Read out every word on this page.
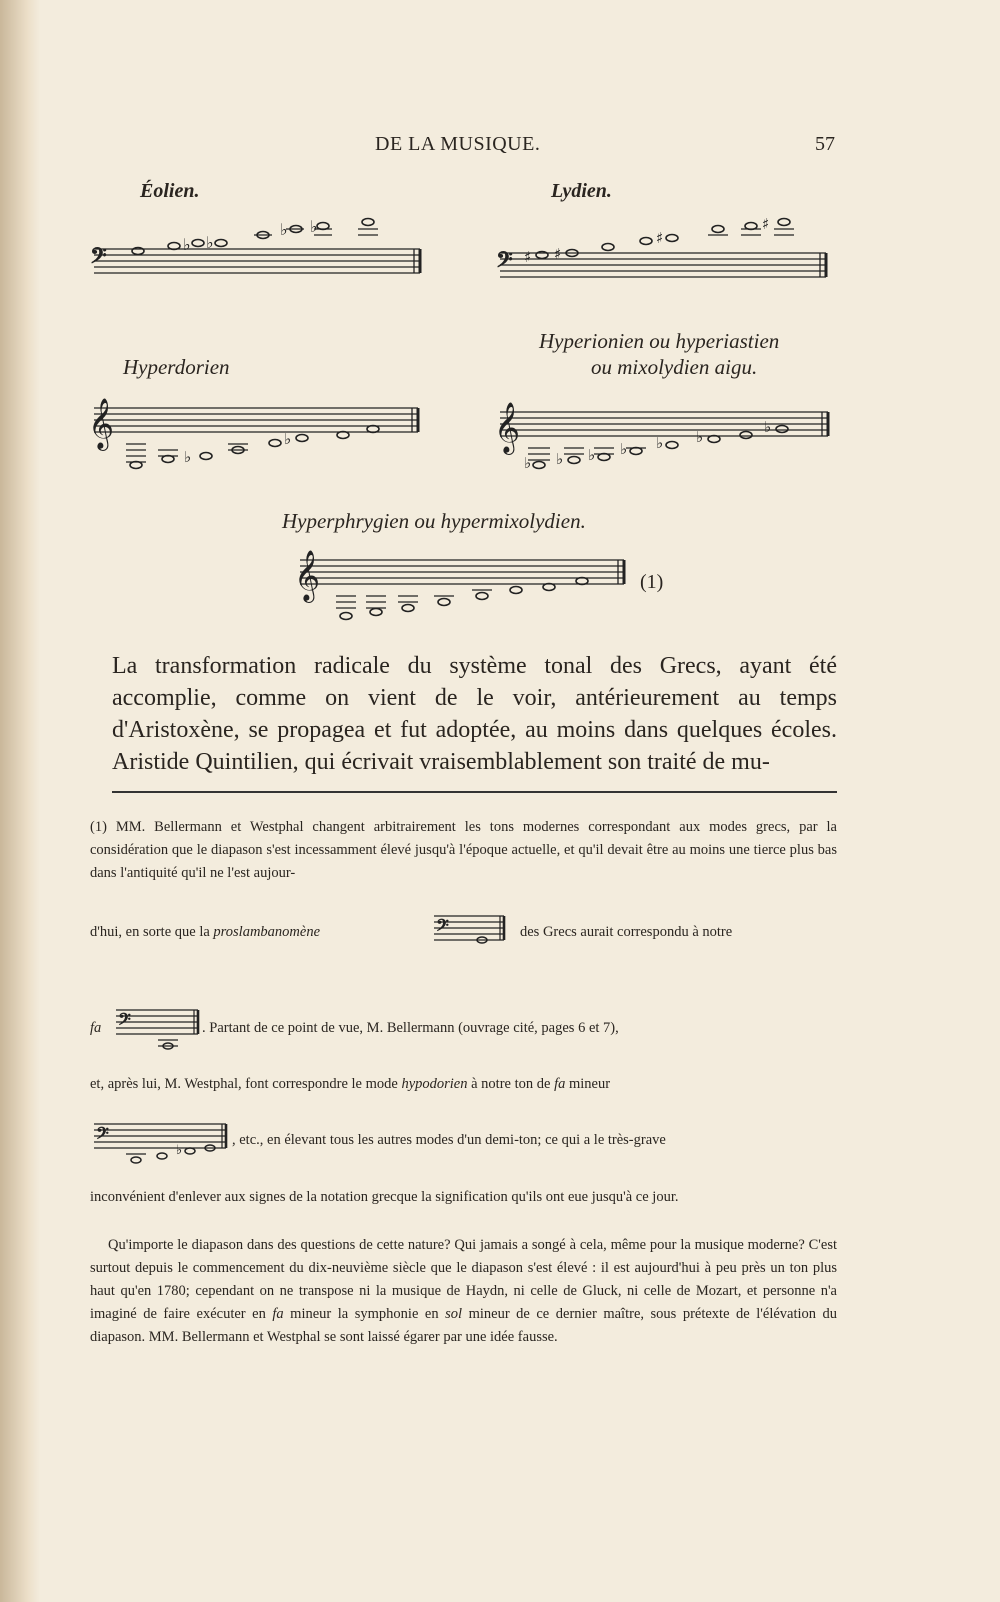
DE LA MUSIQUE.	57
Éolien.
𝄢	♭ ♭
♭ ♭
Lydien.
𝄢 ♯ ♯
♯
♯
Hyperdorien
𝄞
♭
♭
Hyperionien ou hyperiastien
ou mixolydien aigu.
𝄞
♭ ♭ ♭ ♭ ♭ ♭
♭
Hyperphrygien ou hypermixolydien.
𝄞	(1)

La transformation radicale du système tonal des Grecs, ayant été accomplie, comme on vient de le voir, antérieurement au temps d'Aristoxène, se propagea et fut adoptée, au moins dans quelques écoles. Aristide Quintilien, qui écrivait vraisemblablement son traité de mu-

(1) MM. Bellermann et Westphal changent arbitrairement les tons modernes correspondant aux modes grecs, par la considération que le diapason s'est incessamment élevé jusqu'à l'époque actuelle, et qu'il devait être au moins une tierce plus bas dans l'antiquité qu'il ne l'est aujour-

d'hui, en sorte que la proslambanomène	𝄢	des Grecs aurait correspondu à notre
fa 𝄢	. Partant de ce point de vue, M. Bellermann (ouvrage cité, pages 6 et 7),
et, après lui, M. Westphal, font correspondre le mode hypodorien à notre ton de fa mineur
𝄢
♭
, etc., en élevant tous les autres modes d'un demi-ton; ce qui a le très-grave

inconvénient d'enlever aux signes de la notation grecque la signification qu'ils ont eue jusqu'à ce jour.

Qu'importe le diapason dans des questions de cette nature? Qui jamais a songé à cela, même pour la musique moderne? C'est surtout depuis le commencement du dix-neuvième siècle que le diapason s'est élevé : il est aujourd'hui à peu près un ton plus haut qu'en 1780; cependant on ne transpose ni la musique de Haydn, ni celle de Gluck, ni celle de Mozart, et personne n'a imaginé de faire exécuter en fa mineur la symphonie en sol mineur de ce dernier maître, sous prétexte de l'élévation du diapason. MM. Bellermann et Westphal se sont laissé égarer par une idée fausse.
